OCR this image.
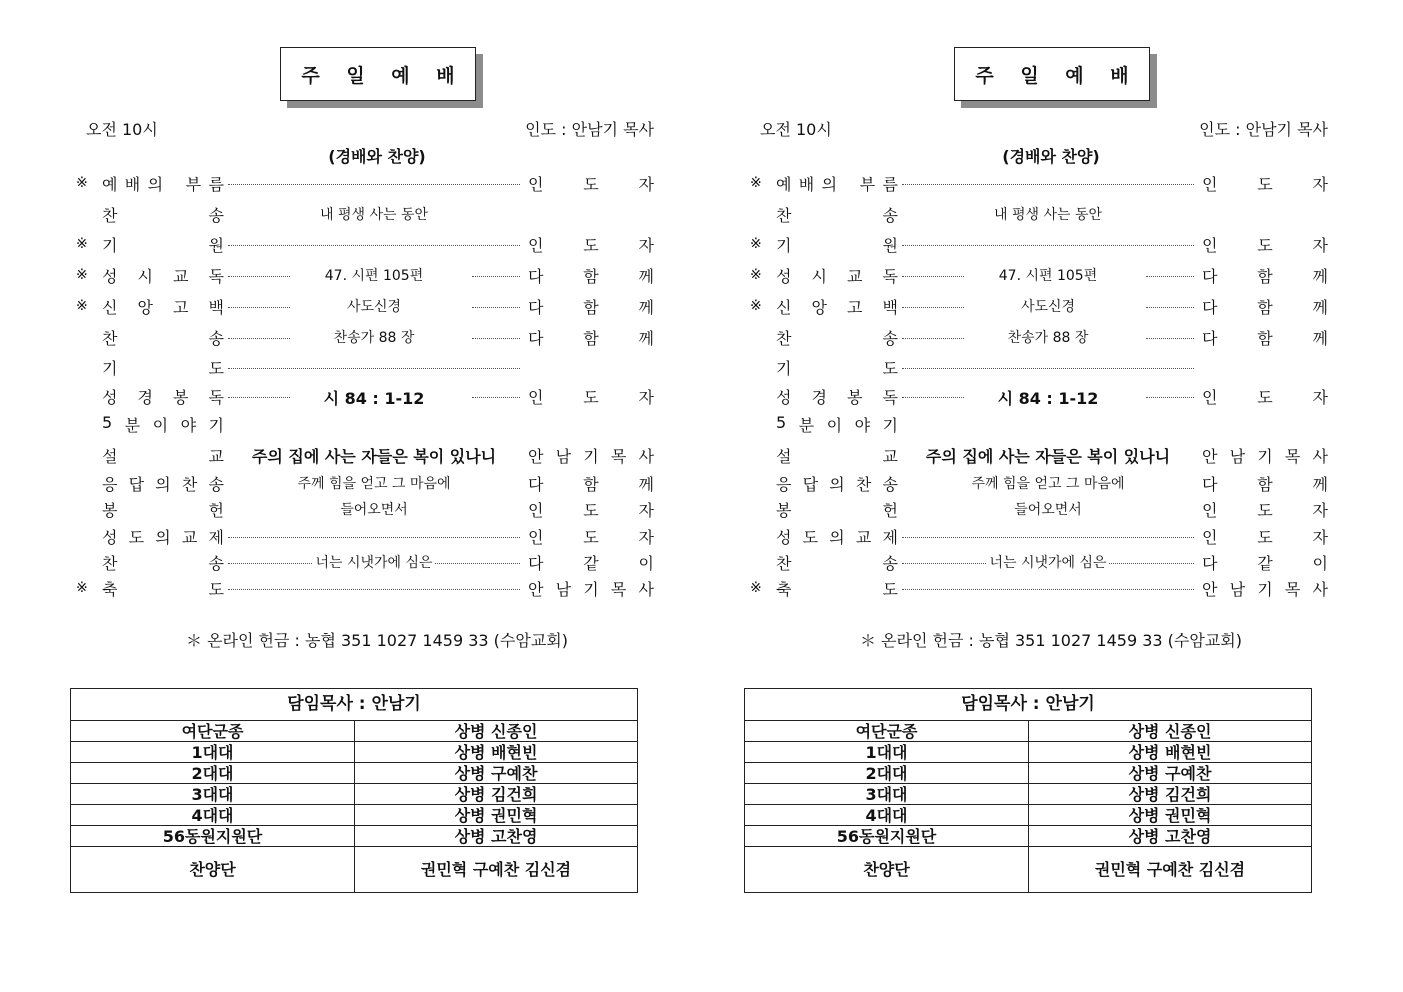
주 일 예 배
오전 10시	인도 : 안남기 목사
(경배와 찬양)
※ 예 배 의 부 름	인 도 자
찬	송	내 평생 사는 동안
※ 기	원	인 도 자
※ 성 시 교 독	47. 시편 105편	다 함 께
※ 신 앙 고 백	사도신경	다 함 께
찬	송	찬송가 88 장	다 함 께
기	도
성 경 봉 독	시 84 : 1-12	인 도 자
5 분 이 야 기
설	교	주의 집에 사는 자들은 복이 있나니	안 남 기 목 사
응 답 의 찬 송	주께 힘을 얻고 그 마음에	다 함 께
봉	헌	들어오면서	인 도 자
성 도 의 교 제	인 도 자
찬	송	너는 시냇가에 심은	다 같 이
※ 축	도	안 남 기 목 사
＊ 온라인 헌금 : 농협 351 1027 1459 33 (수암교회)
담임목사 : 안남기	
여단군종	상병 신종인
1대대	상병 배현빈
2대대	상병 구예찬
3대대	상병 김건희
4대대	상병 권민혁
56동원지원단	상병 고찬영
찬양단	권민혁 구예찬 김신겸
주 일 예 배
오전 10시	인도 : 안남기 목사
(경배와 찬양)
※ 예 배 의 부 름	인 도 자
찬	송	내 평생 사는 동안
※ 기	원	인 도 자
※ 성 시 교 독	47. 시편 105편	다 함 께
※ 신 앙 고 백	사도신경	다 함 께
찬	송	찬송가 88 장	다 함 께
기	도
성 경 봉 독	시 84 : 1-12	인 도 자
5 분 이 야 기
설	교	주의 집에 사는 자들은 복이 있나니	안 남 기 목 사
응 답 의 찬 송	주께 힘을 얻고 그 마음에	다 함 께
봉	헌	들어오면서	인 도 자
성 도 의 교 제	인 도 자
찬	송	너는 시냇가에 심은	다 같 이
※ 축	도	안 남 기 목 사
＊ 온라인 헌금 : 농협 351 1027 1459 33 (수암교회)
담임목사 : 안남기	
여단군종	상병 신종인
1대대	상병 배현빈
2대대	상병 구예찬
3대대	상병 김건희
4대대	상병 권민혁
56동원지원단	상병 고찬영
찬양단	권민혁 구예찬 김신겸
